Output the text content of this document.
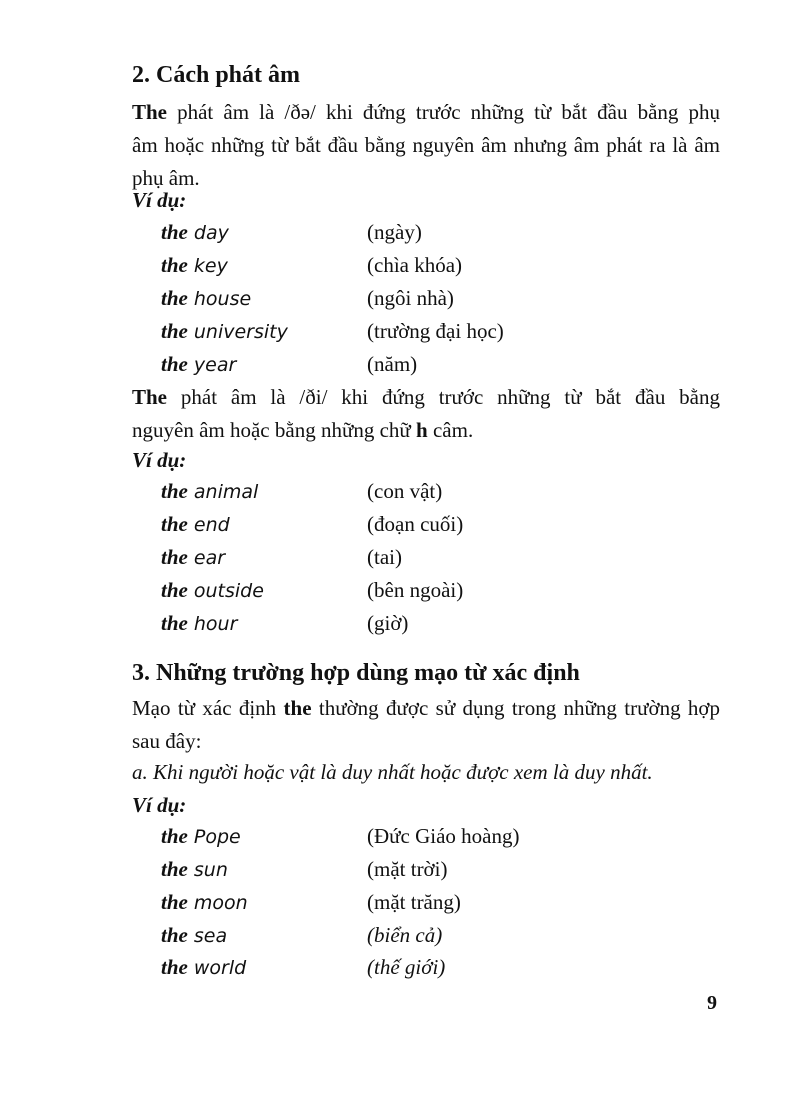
2. Cách phát âm
The phát âm là /ðə/ khi đứng trước những từ bắt đầu bằng phụ
âm hoặc những từ bắt đầu bằng nguyên âm nhưng âm phát ra là âm
phụ âm.
Ví dụ:
the day	(ngày)
the key	(chìa khóa)
the house	(ngôi nhà)
the university	(trường đại học)
the year	(năm)
The phát âm là /ði/ khi đứng trước những từ bắt đầu bằng
nguyên âm hoặc bằng những chữ h câm.
Ví dụ:
the animal	(con vật)
the end	(đoạn cuối)
the ear	(tai)
the outside	(bên ngoài)
the hour	(giờ)
3. Những trường hợp dùng mạo từ xác định
Mạo từ xác định the thường được sử dụng trong những trường hợp
sau đây:
a. Khi người hoặc vật là duy nhất hoặc được xem là duy nhất.
Ví dụ:
the Pope	(Đức Giáo hoàng)
the sun	(mặt trời)
the moon	(mặt trăng)
the sea	(biển cả)
the world	(thế giới)
9
